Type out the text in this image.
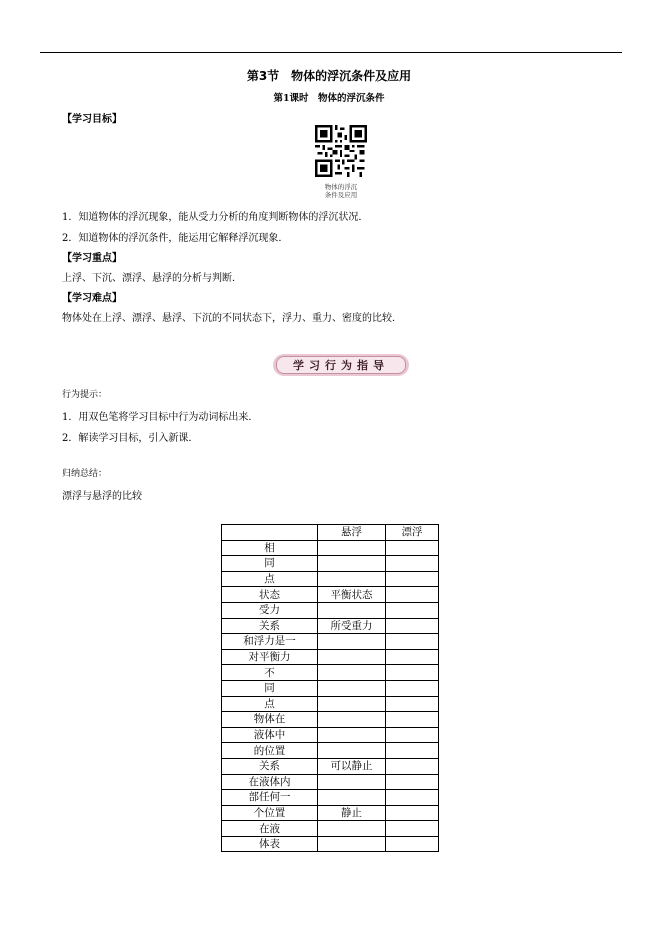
第3节　物体的浮沉条件及应用
第1课时　物体的浮沉条件
【学习目标】
物体的浮沉
条件及应用
1．知道物体的浮沉现象，能从受力分析的角度判断物体的浮沉状况．
2．知道物体的浮沉条件，能运用它解释浮沉现象．
【学习重点】
上浮、下沉、漂浮、悬浮的分析与判断．
【学习难点】
物体处在上浮、漂浮、悬浮、下沉的不同状态下，浮力、重力、密度的比较．
学习行为指导
行为提示：
1．用双色笔将学习目标中行为动词标出来．
2．解读学习目标，引入新课．
归纳总结：
漂浮与悬浮的比较
	悬浮	漂浮
相		
同		
点		
状态	平衡状态	
受力		
关系	所受重力	
和浮力是一		
对平衡力		
不		
同		
点		
物体在		
液体中		
的位置		
关系	可以静止	
在液体内		
部任何一		
个位置	静止	
在液		
体表		
